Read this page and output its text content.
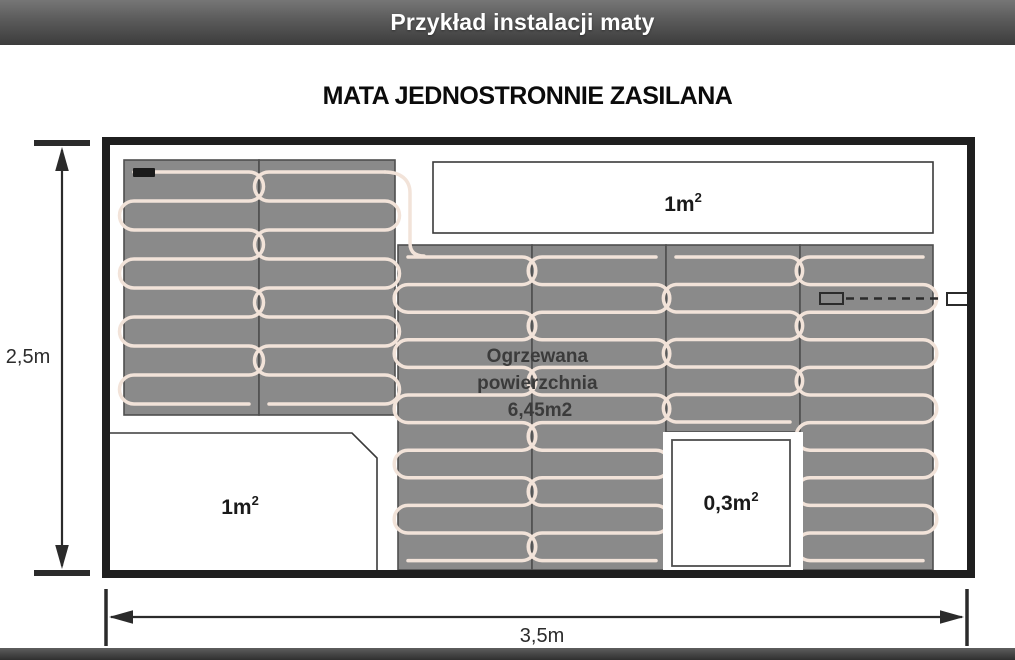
Przykład instalacji maty
MATA JEDNOSTRONNIE ZASILANA
$1m^2$
$1m^2$	$0,3m^2$
Ogrzewana powierzchnia 6,45m2
2,5m
3,5m
